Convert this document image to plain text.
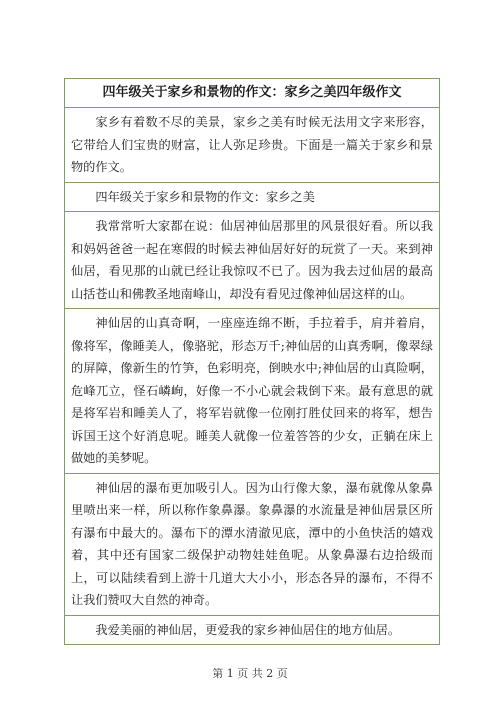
四年级关于家乡和景物的作文：家乡之美四年级作文
家乡有着数不尽的美景，家乡之美有时候无法用文字来形容，它带给人们宝贵的财富，让人弥足珍贵。下面是一篇关于家乡和景物的作文。
四年级关于家乡和景物的作文：家乡之美
我常常听大家都在说：仙居神仙居那里的风景很好看。所以我和妈妈爸爸一起在寒假的时候去神仙居好好的玩赏了一天。来到神仙居，看见那的山就已经让我惊叹不已了。因为我去过仙居的最高山括苍山和佛教圣地南峰山，却没有看见过像神仙居这样的山。
神仙居的山真奇啊，一座座连绵不断，手拉着手，肩并着肩，像将军，像睡美人，像骆驼，形态万千;神仙居的山真秀啊，像翠绿的屏障，像新生的竹笋，色彩明亮，倒映水中;神仙居的山真险啊，危峰兀立，怪石嶙峋，好像一不小心就会栽倒下来。最有意思的就是将军岩和睡美人了，将军岩就像一位刚打胜仗回来的将军，想告诉国王这个好消息呢。睡美人就像一位羞答答的少女，正躺在床上做她的美梦呢。
神仙居的瀑布更加吸引人。因为山行像大象，瀑布就像从象鼻里喷出来一样，所以称作象鼻瀑。象鼻瀑的水流量是神仙居景区所有瀑布中最大的。瀑布下的潭水清澈见底，潭中的小鱼快活的嬉戏着，其中还有国家二级保护动物娃娃鱼呢。从象鼻瀑右边拾级而上，可以陆续看到上游十几道大大小小，形态各异的瀑布，不得不让我们赞叹大自然的神奇。
我爱美丽的神仙居，更爱我的家乡神仙居住的地方仙居。
第 1 页 共 2 页
